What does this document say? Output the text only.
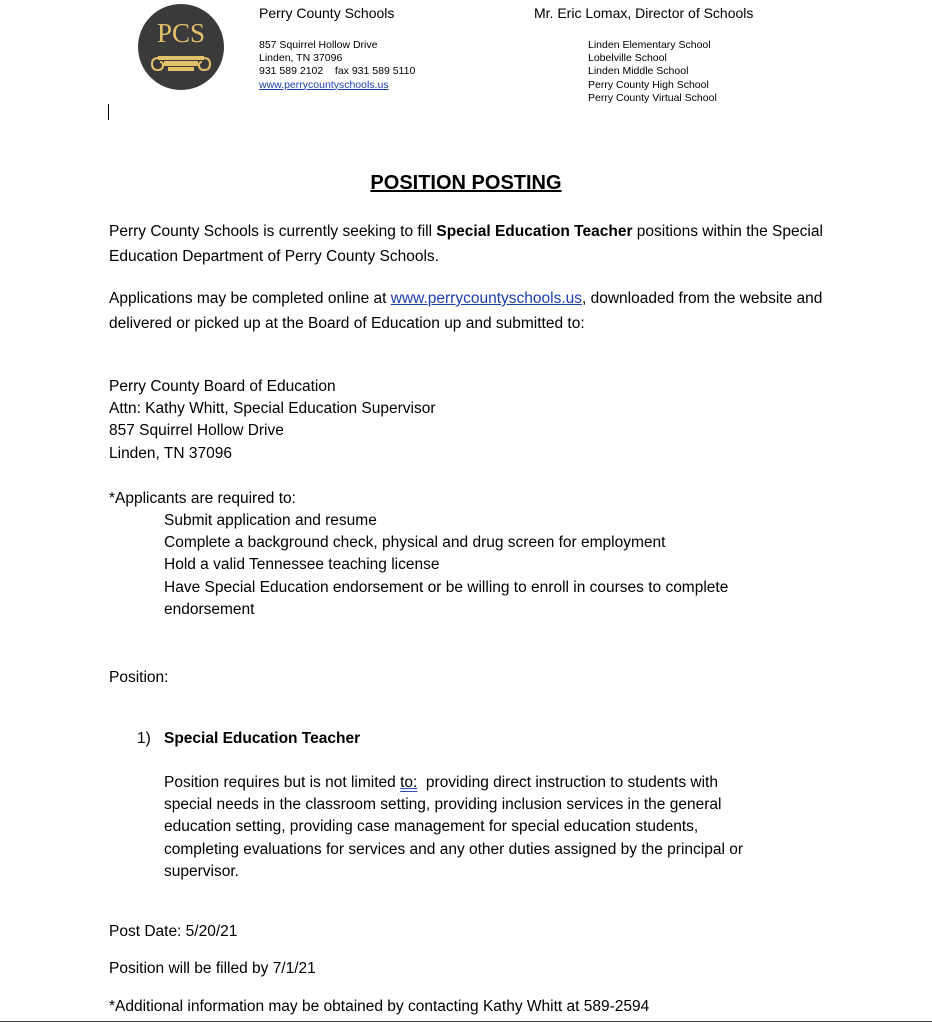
PCS
Perry County Schools
857 Squirrel Hollow Drive
Linden, TN 37096
931 589 2102 fax 931 589 5110
www.perrycountyschools.us
Mr. Eric Lomax, Director of Schools
Linden Elementary School
Lobelville School
Linden Middle School
Perry County High School
Perry County Virtual School
POSITION POSTING
Perry County Schools is currently seeking to fill Special Education Teacher positions within the Special Education Department of Perry County Schools.
Applications may be completed online at www.perrycountyschools.us, downloaded from the website and delivered or picked up at the Board of Education up and submitted to:
Perry County Board of Education
Attn: Kathy Whitt, Special Education Supervisor
857 Squirrel Hollow Drive
Linden, TN 37096
*Applicants are required to:
Submit application and resume
Complete a background check, physical and drug screen for employment
Hold a valid Tennessee teaching license
Have Special Education endorsement or be willing to enroll in courses to complete
endorsement
Position:
1) Special Education Teacher
Position requires but is not limited to:  providing direct instruction to students with
special needs in the classroom setting, providing inclusion services in the general
education setting, providing case management for special education students,
completing evaluations for services and any other duties assigned by the principal or
supervisor.
Post Date: 5/20/21
Position will be filled by 7/1/21
*Additional information may be obtained by contacting Kathy Whitt at 589-2594
